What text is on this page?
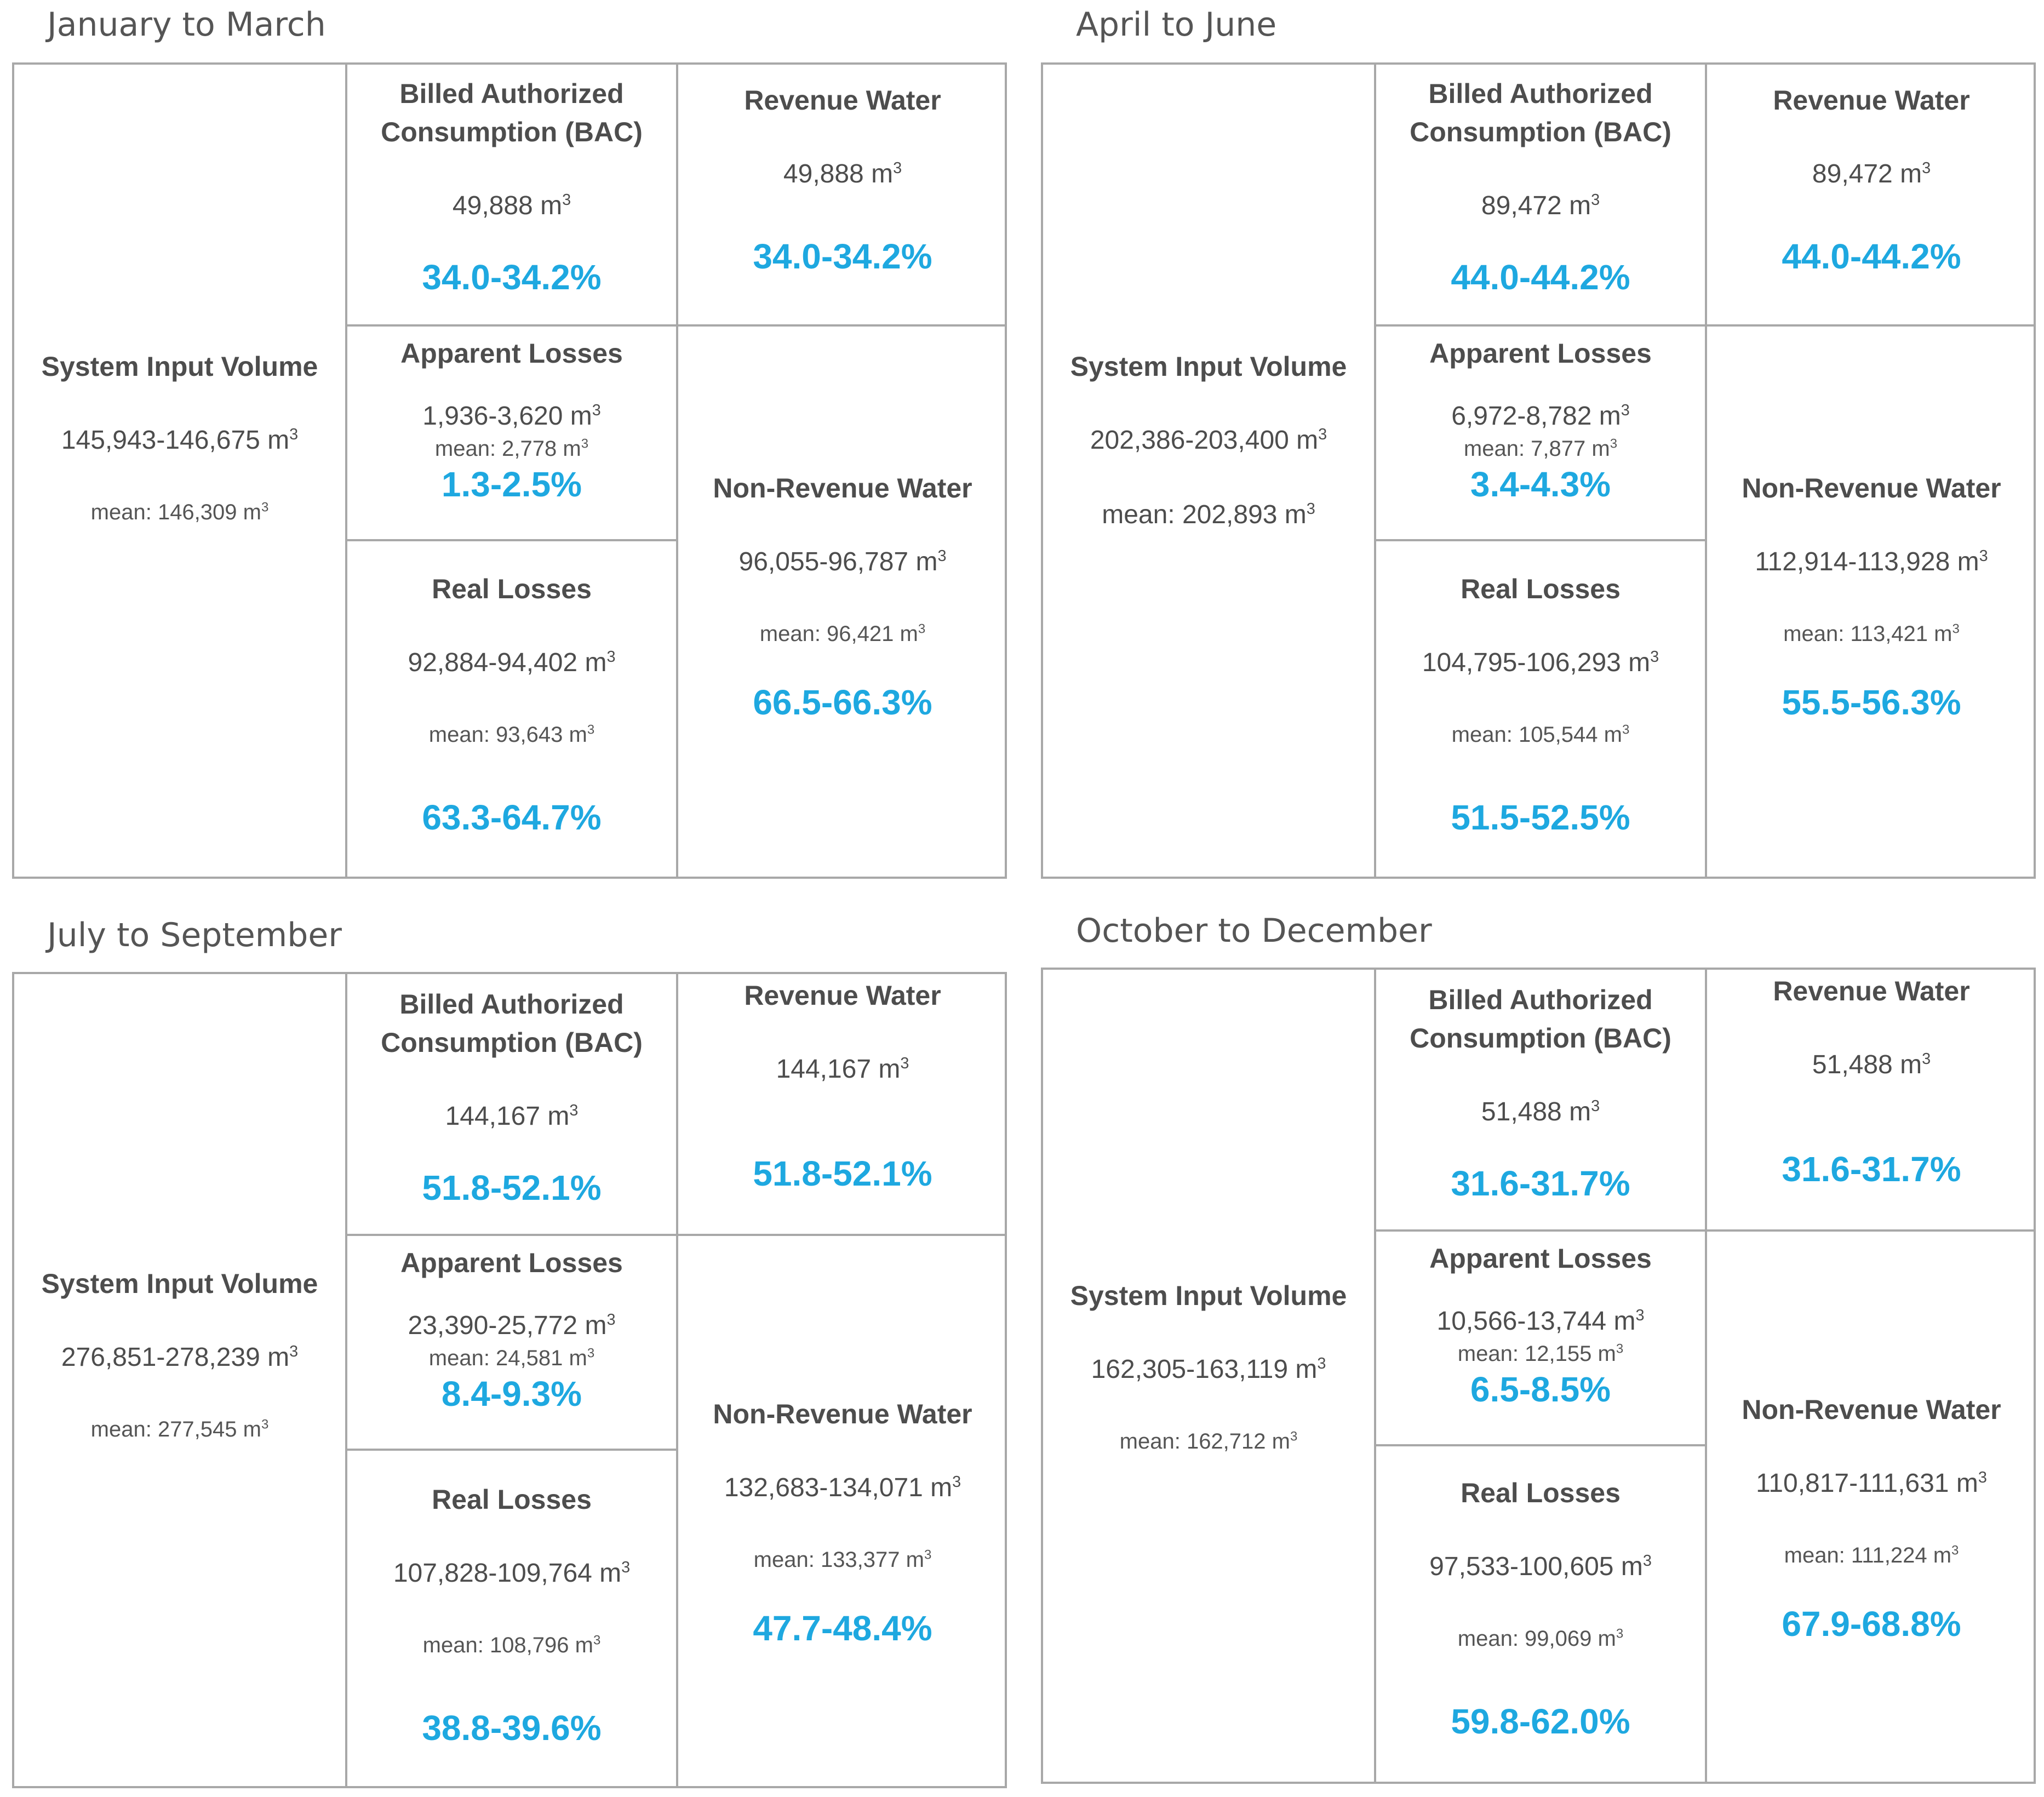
January to March
System Input Volume
145,943-146,675 $m^3$
mean: 146,309 $m^3$
Billed Authorized Consumption (BAC)
49,888 $m^3$
34.0-34.2%
Revenue Water
49,888 $m^3$
34.0-34.2%
Apparent Losses
1,936-3,620 $m^3$
mean: 2,778 $m^3$
1.3-2.5%
Real Losses
92,884-94,402 $m^3$
mean: 93,643 $m^3$
63.3-64.7%
Non-Revenue Water
96,055-96,787 $m^3$
mean: 96,421 $m^3$
66.5-66.3%
April to June
System Input Volume
202,386-203,400 $m^3$
mean: 202,893 $m^3$
Billed Authorized Consumption (BAC)
89,472 $m^3$
44.0-44.2%
Revenue Water
89,472 $m^3$
44.0-44.2%
Apparent Losses
6,972-8,782 $m^3$
mean: 7,877 $m^3$
3.4-4.3%
Real Losses
104,795-106,293 $m^3$
mean: 105,544 $m^3$
51.5-52.5%
Non-Revenue Water
112,914-113,928 $m^3$
mean: 113,421 $m^3$
55.5-56.3%
July to September
System Input Volume
276,851-278,239 $m^3$
mean: 277,545 $m^3$
Billed Authorized Consumption (BAC)
144,167 $m^3$
51.8-52.1%
Revenue Water
144,167 $m^3$
51.8-52.1%
Apparent Losses
23,390-25,772 $m^3$
mean: 24,581 $m^3$
8.4-9.3%
Real Losses
107,828-109,764 $m^3$
mean: 108,796 $m^3$
38.8-39.6%
Non-Revenue Water
132,683-134,071 $m^3$
mean: 133,377 $m^3$
47.7-48.4%
October to December
System Input Volume
162,305-163,119 $m^3$
mean: 162,712 $m^3$
Billed Authorized Consumption (BAC)
51,488 $m^3$
31.6-31.7%
Revenue Water
51,488 $m^3$
31.6-31.7%
Apparent Losses
10,566-13,744 $m^3$
mean: 12,155 $m^3$
6.5-8.5%
Real Losses
97,533-100,605 $m^3$
mean: 99,069 $m^3$
59.8-62.0%
Non-Revenue Water
110,817-111,631 $m^3$
mean: 111,224 $m^3$
67.9-68.8%
